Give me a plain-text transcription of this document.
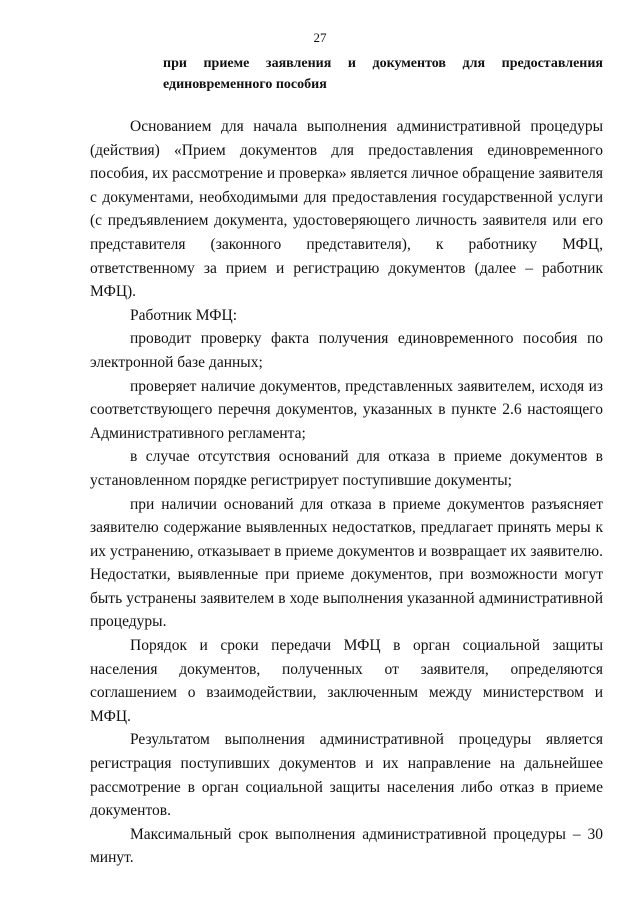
27
при приеме заявления и документов для предоставления единовременного пособия

Основанием для начала выполнения административной процедуры (действия) «Прием документов для предоставления единовременного пособия, их рассмотрение и проверка» является личное обращение заявителя с документами, необходимыми для предоставления государственной услуги (с предъявлением документа, удостоверяющего личность заявителя или его представителя (законного представителя), к работнику МФЦ, ответственному за прием и регистрацию документов (далее – работник МФЦ).

Работник МФЦ:

проводит проверку факта получения единовременного пособия по электронной базе данных;

проверяет наличие документов, представленных заявителем, исходя из соответствующего перечня документов, указанных в пункте 2.6 настоящего Административного регламента;

в случае отсутствия оснований для отказа в приеме документов в установленном порядке регистрирует поступившие документы;

при наличии оснований для отказа в приеме документов разъясняет заявителю содержание выявленных недостатков, предлагает принять меры к их устранению, отказывает в приеме документов и возвращает их заявителю. Недостатки, выявленные при приеме документов, при возможности могут быть устранены заявителем в ходе выполнения указанной административной процедуры.

Порядок и сроки передачи МФЦ в орган социальной защиты населения документов, полученных от заявителя, определяются соглашением о взаимодействии, заключенным между министерством и МФЦ.

Результатом выполнения административной процедуры является регистрация поступивших документов и их направление на дальнейшее рассмотрение в орган социальной защиты населения либо отказ в приеме документов.

Максимальный срок выполнения административной процедуры – 30 минут.
